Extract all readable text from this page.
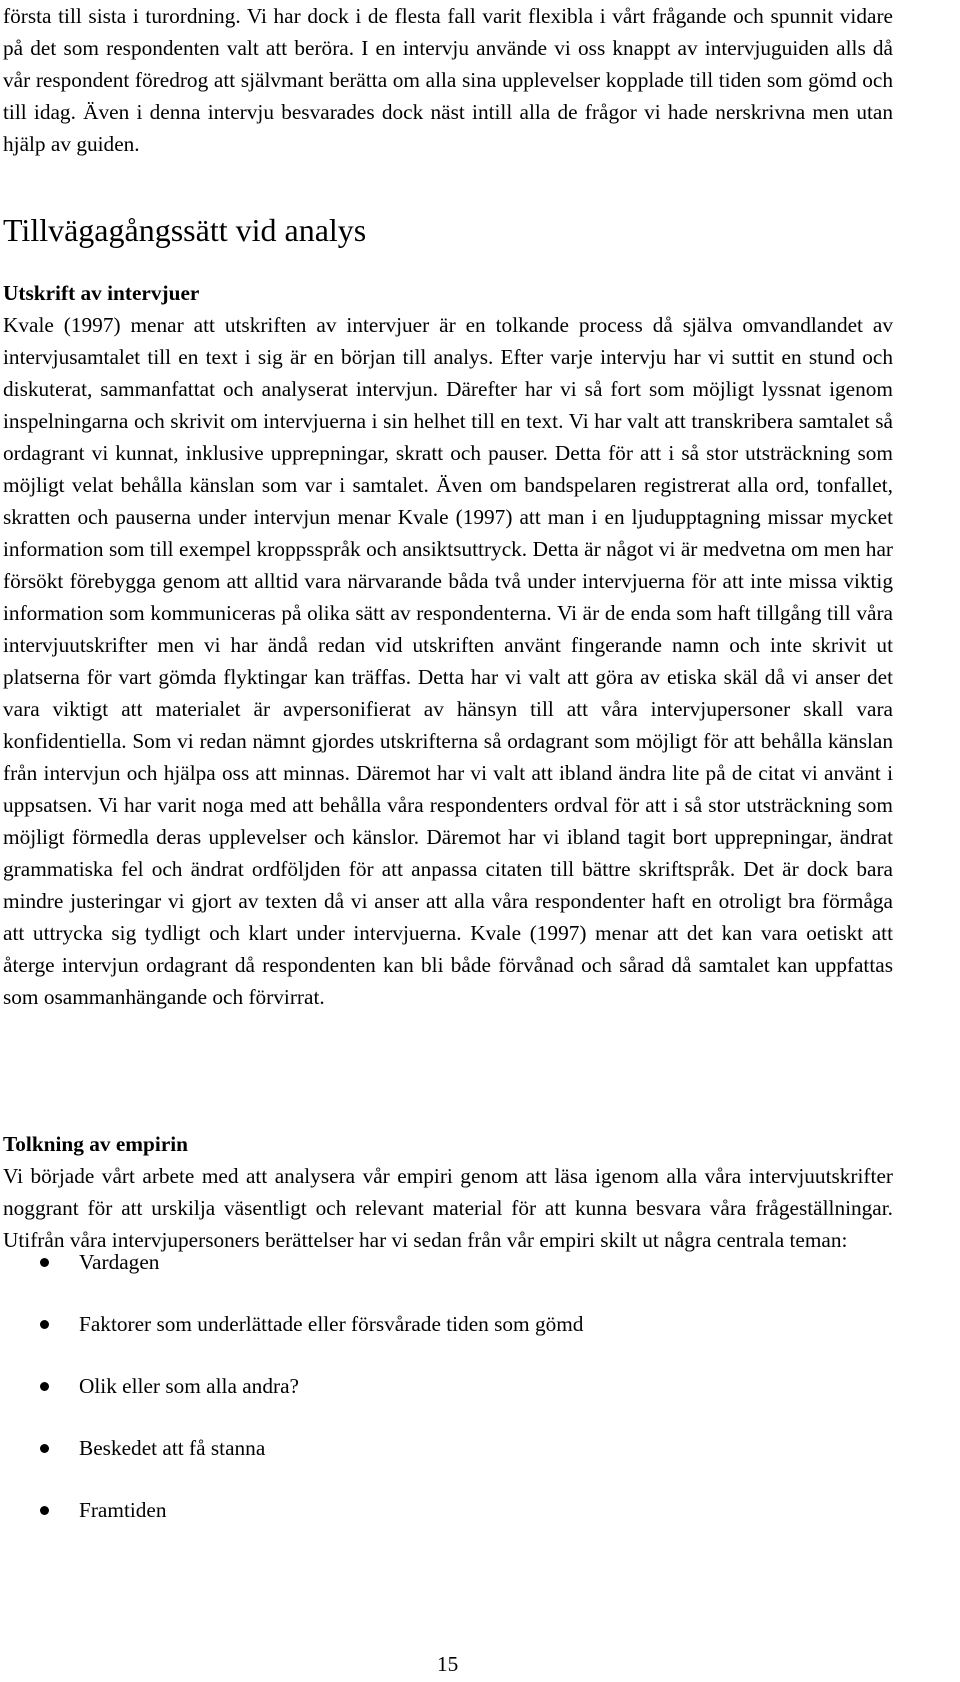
första till sista i turordning. Vi har dock i de flesta fall varit flexibla i vårt frågande och spunnit vidare på det som respondenten valt att beröra. I en intervju använde vi oss knappt av intervjuguiden alls då vår respondent föredrog att självmant berätta om alla sina upplevelser kopplade till tiden som gömd och till idag. Även i denna intervju besvarades dock näst intill alla de frågor vi hade nerskrivna men utan hjälp av guiden.

Tillvägagångssätt vid analys
Utskrift av intervjuer

Kvale (1997) menar att utskriften av intervjuer är en tolkande process då själva omvandlandet av intervjusamtalet till en text i sig är en början till analys. Efter varje intervju har vi suttit en stund och diskuterat, sammanfattat och analyserat intervjun. Därefter har vi så fort som möjligt lyssnat igenom inspelningarna och skrivit om intervjuerna i sin helhet till en text. Vi har valt att transkribera samtalet så ordagrant vi kunnat, inklusive upprepningar, skratt och pauser. Detta för att i så stor utsträckning som möjligt velat behålla känslan som var i samtalet. Även om bandspelaren registrerat alla ord, tonfallet, skratten och pauserna under intervjun menar Kvale (1997) att man i en ljudupptagning missar mycket information som till exempel kroppsspråk och ansiktsuttryck. Detta är något vi är medvetna om men har försökt förebygga genom att alltid vara närvarande båda två under intervjuerna för att inte missa viktig information som kommuniceras på olika sätt av respondenterna. Vi är de enda som haft tillgång till våra intervjuutskrifter men vi har ändå redan vid utskriften använt fingerande namn och inte skrivit ut platserna för vart gömda flyktingar kan träffas. Detta har vi valt att göra av etiska skäl då vi anser det vara viktigt att materialet är avpersonifierat av hänsyn till att våra intervjupersoner skall vara konfidentiella. Som vi redan nämnt gjordes utskrifterna så ordagrant som möjligt för att behålla känslan från intervjun och hjälpa oss att minnas. Däremot har vi valt att ibland ändra lite på de citat vi använt i uppsatsen. Vi har varit noga med att behålla våra respondenters ordval för att i så stor utsträckning som möjligt förmedla deras upplevelser och känslor. Däremot har vi ibland tagit bort upprepningar, ändrat grammatiska fel och ändrat ordföljden för att anpassa citaten till bättre skriftspråk. Det är dock bara mindre justeringar vi gjort av texten då vi anser att alla våra respondenter haft en otroligt bra förmåga att uttrycka sig tydligt och klart under intervjuerna. Kvale (1997) menar att det kan vara oetiskt att återge intervjun ordagrant då respondenten kan bli både förvånad och sårad då samtalet kan uppfattas som osammanhängande och förvirrat.

Tolkning av empirin

Vi började vårt arbete med att analysera vår empiri genom att läsa igenom alla våra intervjuutskrifter noggrant för att urskilja väsentligt och relevant material för att kunna besvara våra frågeställningar. Utifrån våra intervjupersoners berättelser har vi sedan från vår empiri skilt ut några centrala teman:

Vardagen
Faktorer som underlättade eller försvårade tiden som gömd
Olik eller som alla andra?
Beskedet att få stanna
Framtiden
15
